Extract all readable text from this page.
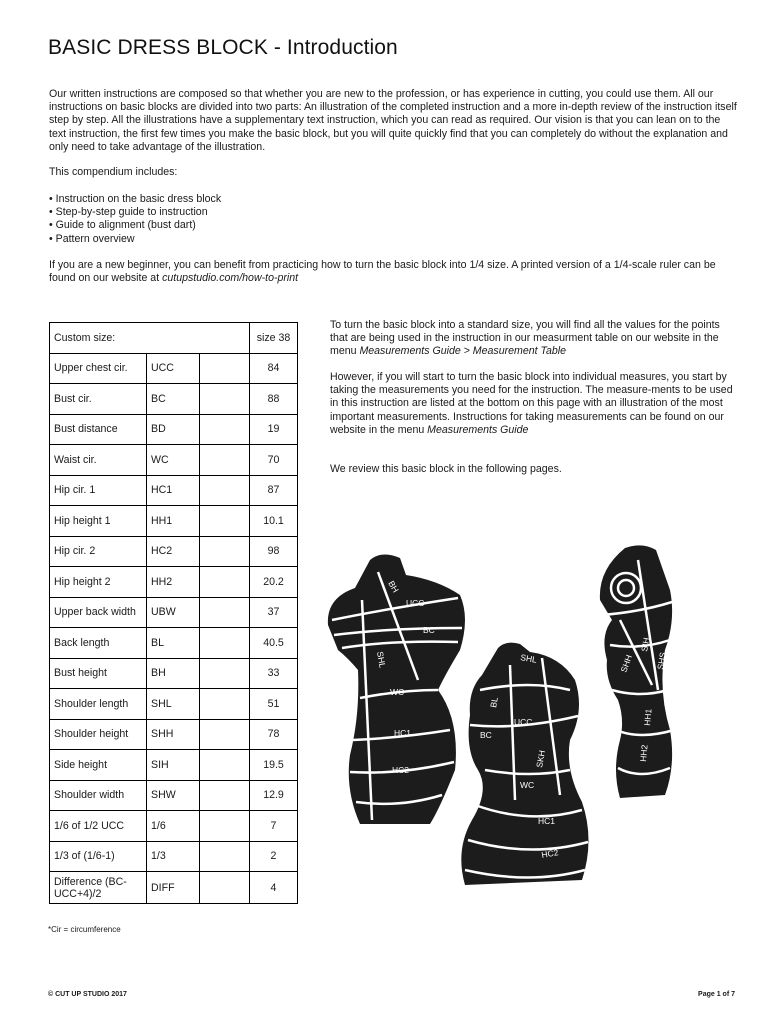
BASIC DRESS BLOCK - Introduction

Our written instructions are composed so that whether you are new to the profession, or has experience in cutting, you could use them. All our instructions on basic blocks are divided into two parts: An illustration of the completed instruction and a more in-depth review of the instruction itself step by step. All the illustrations have a supplementary text instruction, which you can read as required. Our vision is that you can lean on to the text instruction, the first few times you make the basic block, but you will quite quickly find that you can completely do without the explanation and only need to take advantage of the illustration.

This compendium includes:

• Instruction on the basic dress block
• Step-by-step guide to instruction
• Guide to alignment (bust dart)
• Pattern overview

If you are a new beginner, you can benefit from practicing how to turn the basic block into 1/4 size. A printed version of a 1/4-scale ruler can be found on our website at cutupstudio.com/how-to-print

Custom size:			size 38
Upper chest cir.	UCC		84
Bust cir.	BC		88
Bust distance	BD		19
Waist cir.	WC		70
Hip cir. 1	HC1		87
Hip height 1	HH1		10.1
Hip cir. 2	HC2		98
Hip height 2	HH2		20.2
Upper back width	UBW		37
Back length	BL		40.5
Bust height	BH		33
Shoulder length	SHL		51
Shoulder height	SHH		78
Side height	SIH		19.5
Shoulder width	SHW		12.9
1/6 of 1/2 UCC	1/6		7
1/3 of (1/6-1)	1/3		2
Difference (BC-UCC+4)/2	DIFF		4
*Cir = circumference

To turn the basic block into a standard size, you will find all the values for the points that are being used in the instruction in our measurment table on our website in the menu Measurements Guide > Measurement Table

However, if you will start to turn the basic block into individual measures, you start by taking the measurements you need for the instruction. The measure-ments to be used in this instruction are listed at the bottom on this page with an illustration of the most important measurements. Instructions for taking measurements can be found on our website in the menu Measurements Guide

We review this basic block in the following pages.

BH
UCC
BC
SHL
WC
HC1
HC2
SHL
BL
UCC
BC
SKH
WC
HC1
HC2
SHH
SIH
SHS
HH1
HH2
© CUT UP STUDIO 2017	Page 1 of 7
